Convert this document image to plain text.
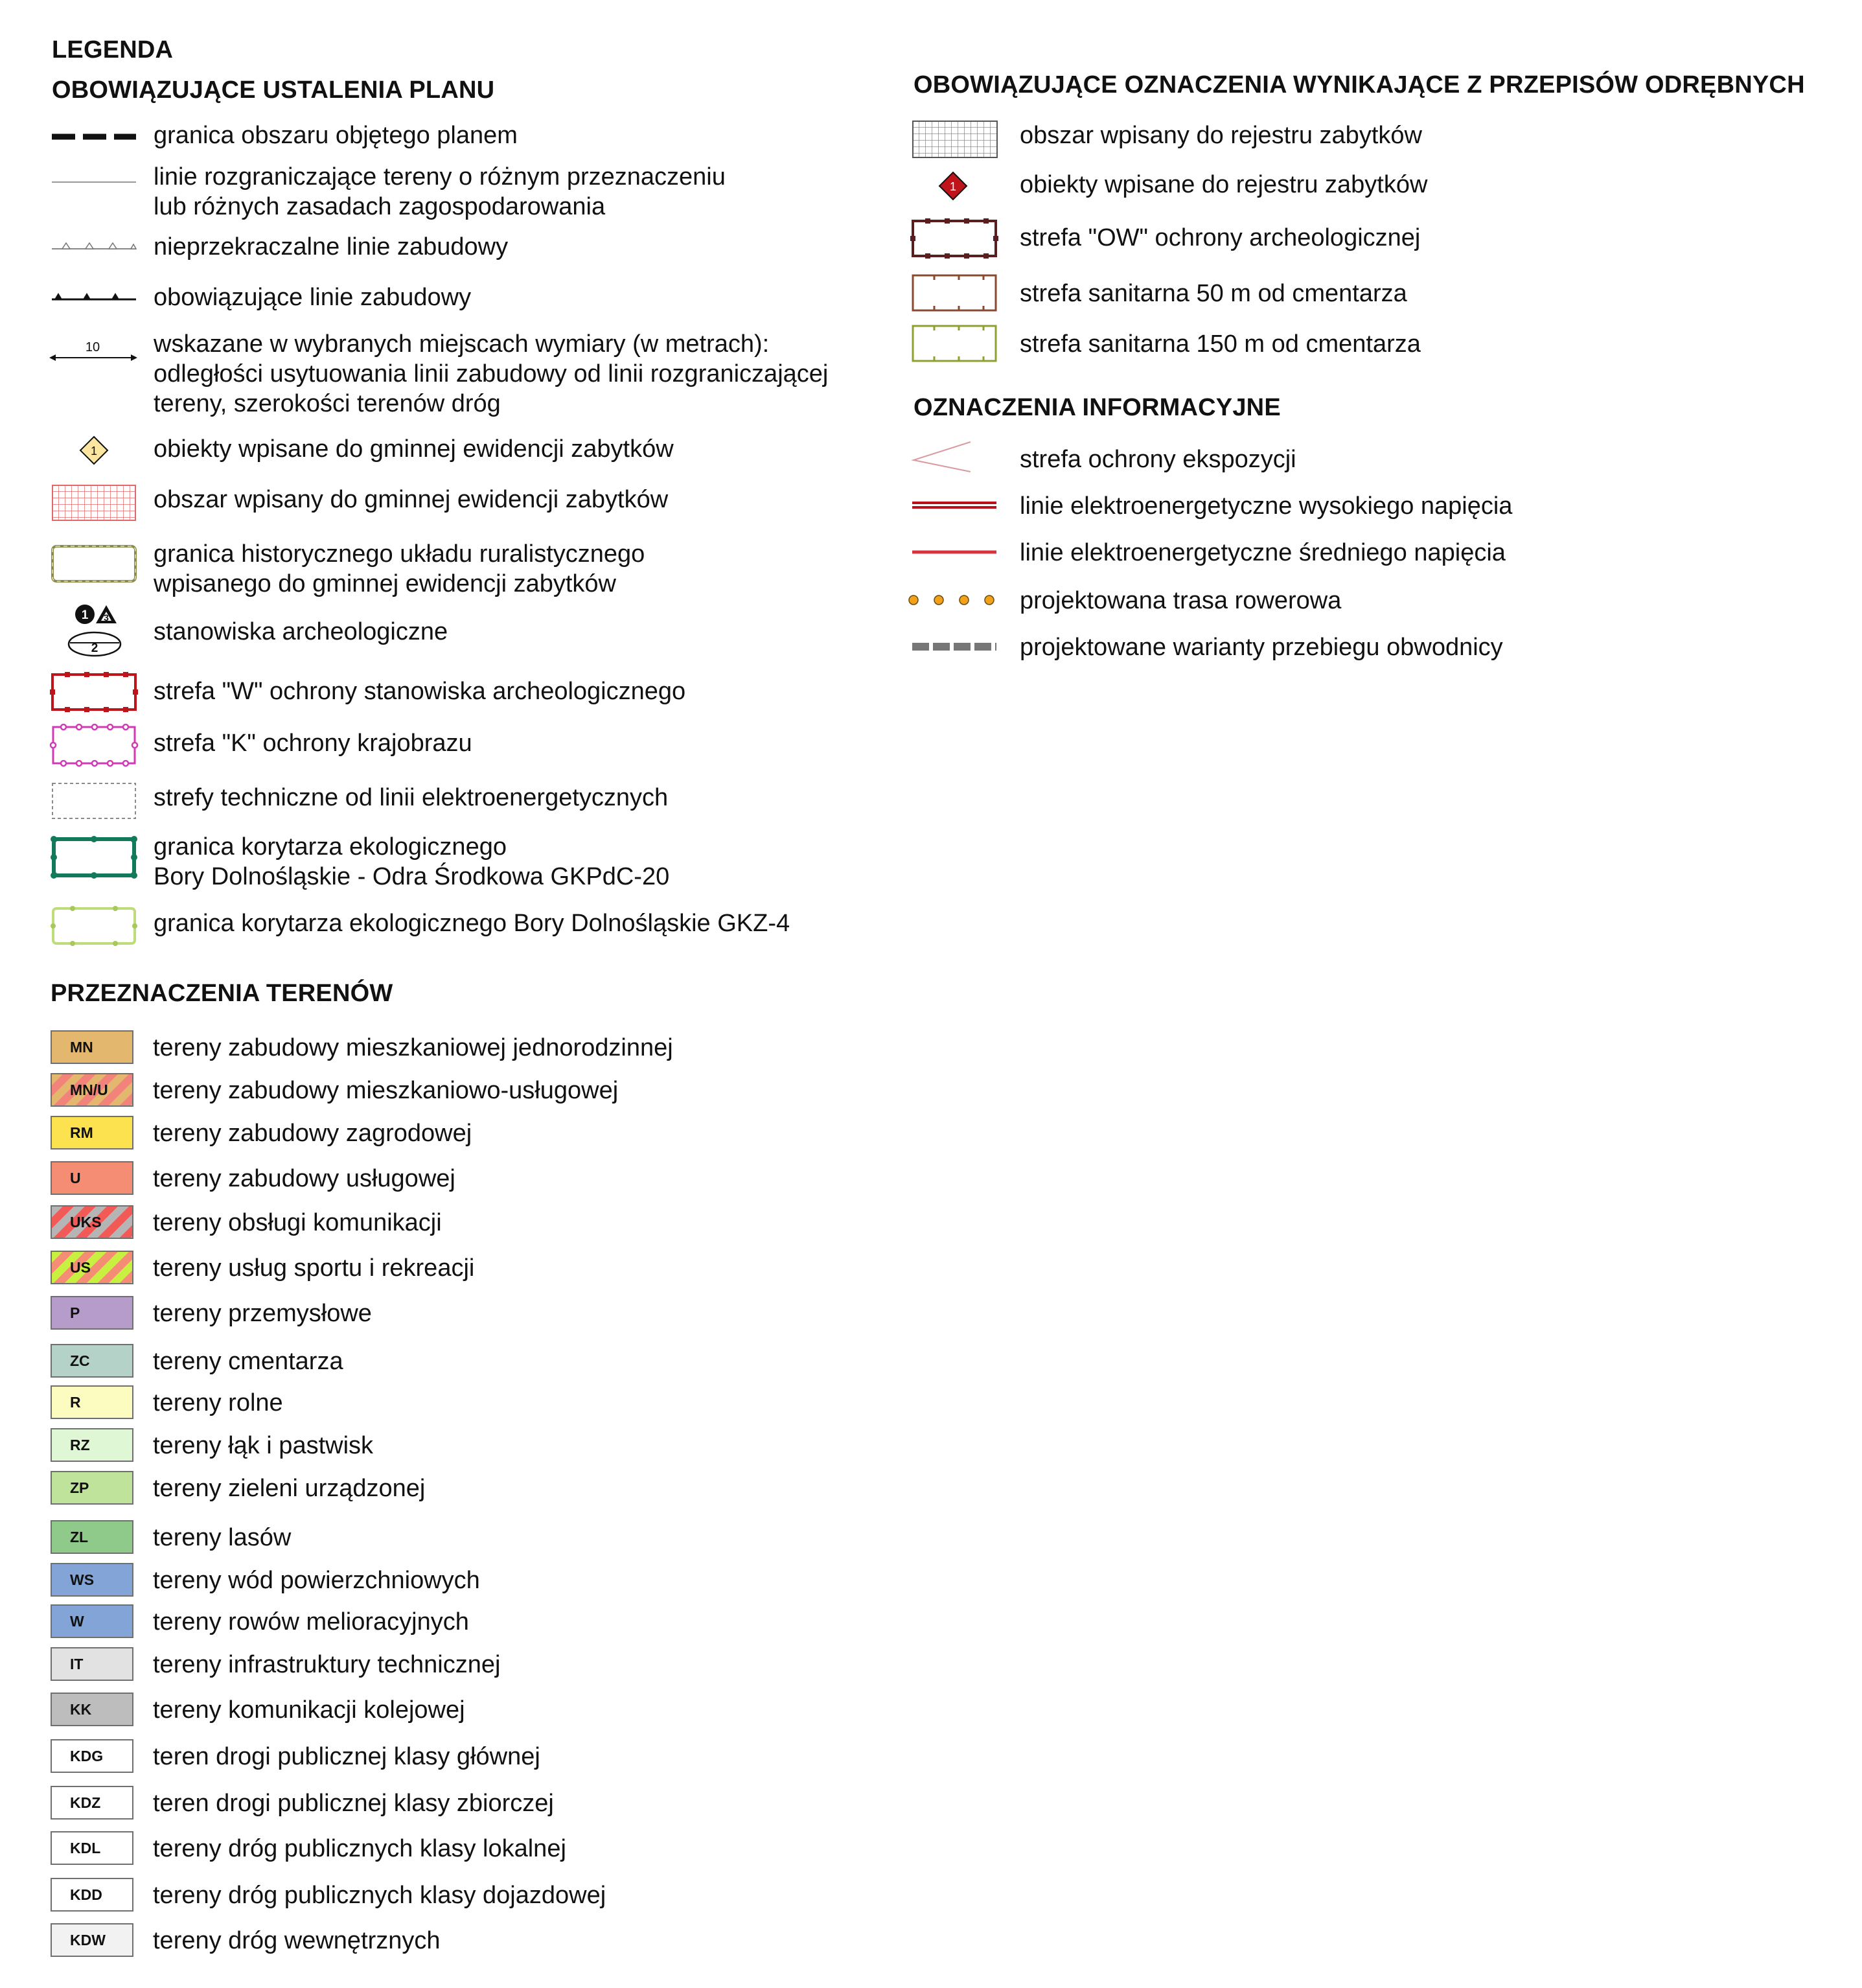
LEGENDA
OBOWIĄZUJĄCE USTALENIA PLANU	OBOWIĄZUJĄCE OZNACZENIA WYNIKAJĄCE Z PRZEPISÓW ODRĘBNYCH
OZNACZENIA INFORMACYJNE
PRZEZNACZENIA TERENÓW
granica obszaru objętego planem
linie rozgraniczające tereny o różnym przeznaczeniu
lub różnych zasadach zagospodarowania
nieprzekraczalne linie zabudowy
obowiązujące linie zabudowy
10 wskazane w wybranych miejscach wymiary (w metrach):
odległości usytuowania linii zabudowy od linii rozgraniczającej
tereny, szerokości terenów dróg
1 obiekty wpisane do gminnej ewidencji zabytków
obszar wpisany do gminnej ewidencji zabytków
granica historycznego układu ruralistycznego
wpisanego do gminnej ewidencji zabytków
1 3
2
stanowiska archeologiczne
strefa "W" ochrony stanowiska archeologicznego
strefa "K" ochrony krajobrazu
strefy techniczne od linii elektroenergetycznych
granica korytarza ekologicznego
Bory Dolnośląskie - Odra Środkowa GKPdC-20
granica korytarza ekologicznego Bory Dolnośląskie GKZ-4
obszar wpisany do rejestru zabytków
1	obiekty wpisane do rejestru zabytków
strefa "OW" ochrony archeologicznej
strefa sanitarna 50 m od cmentarza
strefa sanitarna 150 m od cmentarza
strefa ochrony ekspozycji
linie elektroenergetyczne wysokiego napięcia
linie elektroenergetyczne średniego napięcia
projektowana trasa rowerowa
projektowane warianty przebiegu obwodnicy
MN tereny zabudowy mieszkaniowej jednorodzinnej
MN/U tereny zabudowy mieszkaniowo-usługowej
RM tereny zabudowy zagrodowej
U	tereny zabudowy usługowej
UKS tereny obsługi komunikacji
US	tereny usług sportu i rekreacji
P	tereny przemysłowe
ZC	tereny cmentarza
R	tereny rolne
RZ	tereny łąk i pastwisk
ZP	tereny zieleni urządzonej
ZL	tereny lasów
WS tereny wód powierzchniowych
W	tereny rowów melioracyjnych
IT	tereny infrastruktury technicznej
KK tereny komunikacji kolejowej
KDG teren drogi publicznej klasy głównej
KDZ teren drogi publicznej klasy zbiorczej
KDL tereny dróg publicznych klasy lokalnej
KDD tereny dróg publicznych klasy dojazdowej
KDW tereny dróg wewnętrznych
